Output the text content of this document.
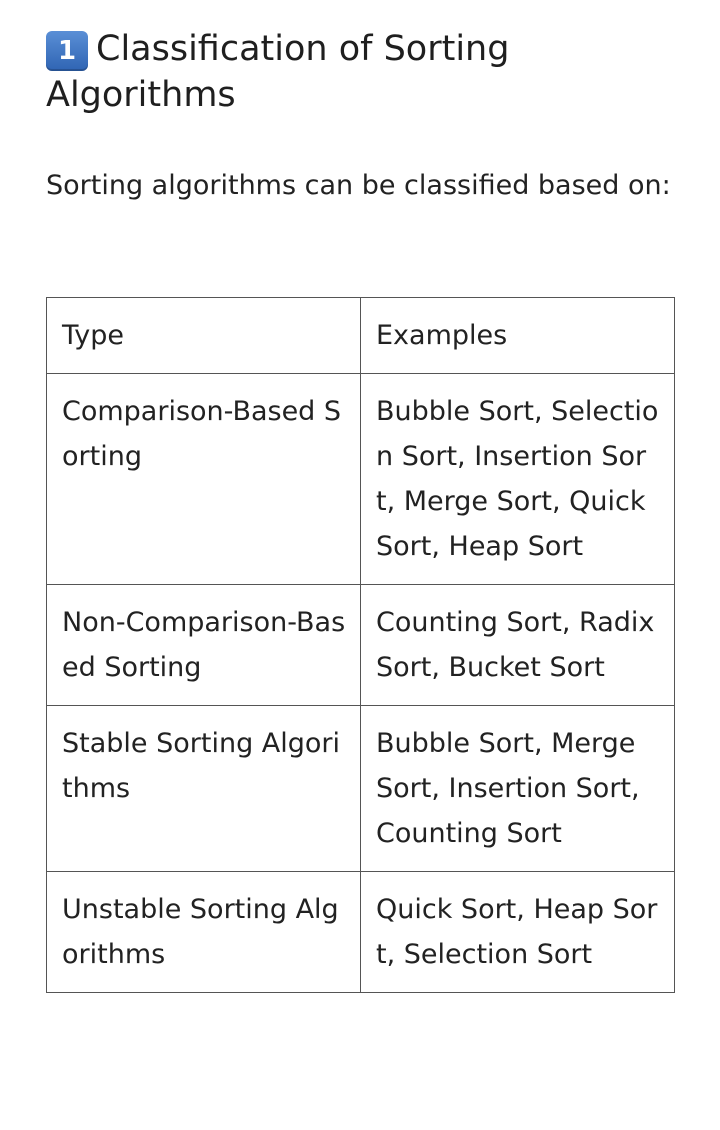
1 Classification of Sorting Algorithms

Sorting algorithms can be classified based on:

Type	Examples
Comparison-Based Sorting	Bubble Sort, Selection Sort, Insertion Sort, Merge Sort, Quick Sort, Heap Sort
Non-Comparison-Based Sorting	Counting Sort, Radix Sort, Bucket Sort
Stable Sorting Algorithms	Bubble Sort, Merge Sort, Insertion Sort, Counting Sort
Unstable Sorting Algorithms	Quick Sort, Heap Sort, Selection Sort
